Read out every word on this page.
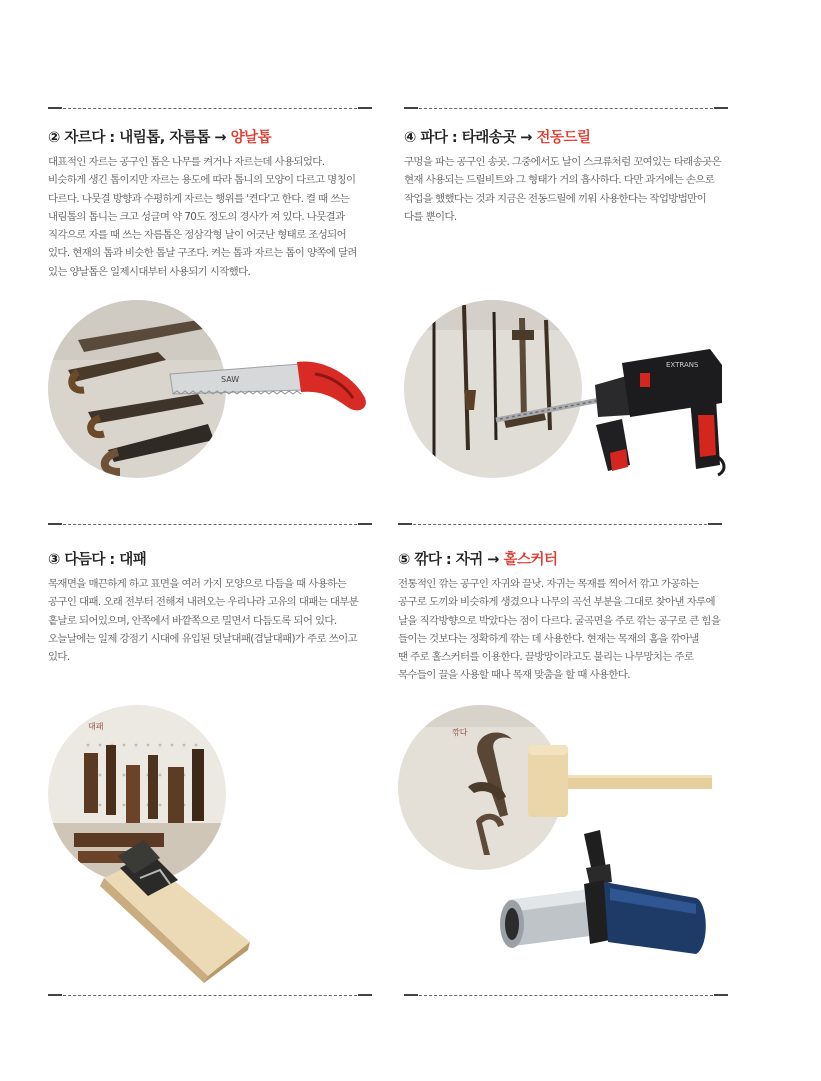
② 자르다 : 내림톱, 자름톱 → 양날톱

대표적인 자르는 공구인 톱은 나무를 켜거나 자르는데 사용되었다.

비슷하게 생긴 톱이지만 자르는 용도에 따라 톱니의 모양이 다르고 명칭이

다르다. 나뭇결 방향과 수평하게 자르는 행위를 '켠다'고 한다. 켤 때 쓰는

내림톱의 톱니는 크고 성글며 약 70도 정도의 경사가 져 있다. 나뭇결과

직각으로 자를 때 쓰는 자름톱은 정삼각형 날이 어긋난 형태로 조성되어

있다. 현재의 톱과 비슷한 톱날 구조다. 켜는 톱과 자르는 톱이 양쪽에 달려

있는 양날톱은 일제시대부터 사용되기 시작했다.

④ 파다 : 타래송곳 → 전동드릴

구멍을 파는 공구인 송곳. 그중에서도 날이 스크류처럼 꼬여있는 타래송곳은

현재 사용되는 드릴비트와 그 형태가 거의 흡사하다. 다만 과거에는 손으로

작업을 했했다는 것과 지금은 전동드릴에 끼워 사용한다는 작업방법만이

다를 뿐이다.

③ 다듬다 : 대패

목재면을 매끈하게 하고 표면을 여러 가지 모양으로 다듬을 때 사용하는

공구인 대패. 오래 전부터 전해져 내려오는 우리나라 고유의 대패는 대부분

홑날로 되어있으며, 안쪽에서 바깥쪽으로 밀면서 다듬도록 되어 있다.

오늘날에는 일제 강점기 시대에 유입된 덧날대패(겹날대패)가 주로 쓰이고

있다.

⑤ 깎다 : 자귀 → 홀스커터

전통적인 깎는 공구인 자귀와 끌낫. 자귀는 목재를 찍어서 깎고 가공하는

공구로 도끼와 비슷하게 생겼으나 나무의 곡선 부분을 그대로 찾아낸 자루에

날을 직각방향으로 박았다는 점이 다르다. 굴곡면을 주로 깎는 공구로 큰 힘을

들이는 것보다는 정확하게 깎는 데 사용한다. 현재는 목재의 홈을 깎아낼

땐 주로 홀스커터를 이용한다. 끌방망이라고도 불리는 나무망치는 주로

목수들이 끌을 사용할 때나 목재 맞춤을 할 때 사용한다.

SAW
EXTRANS
대패
깎다
